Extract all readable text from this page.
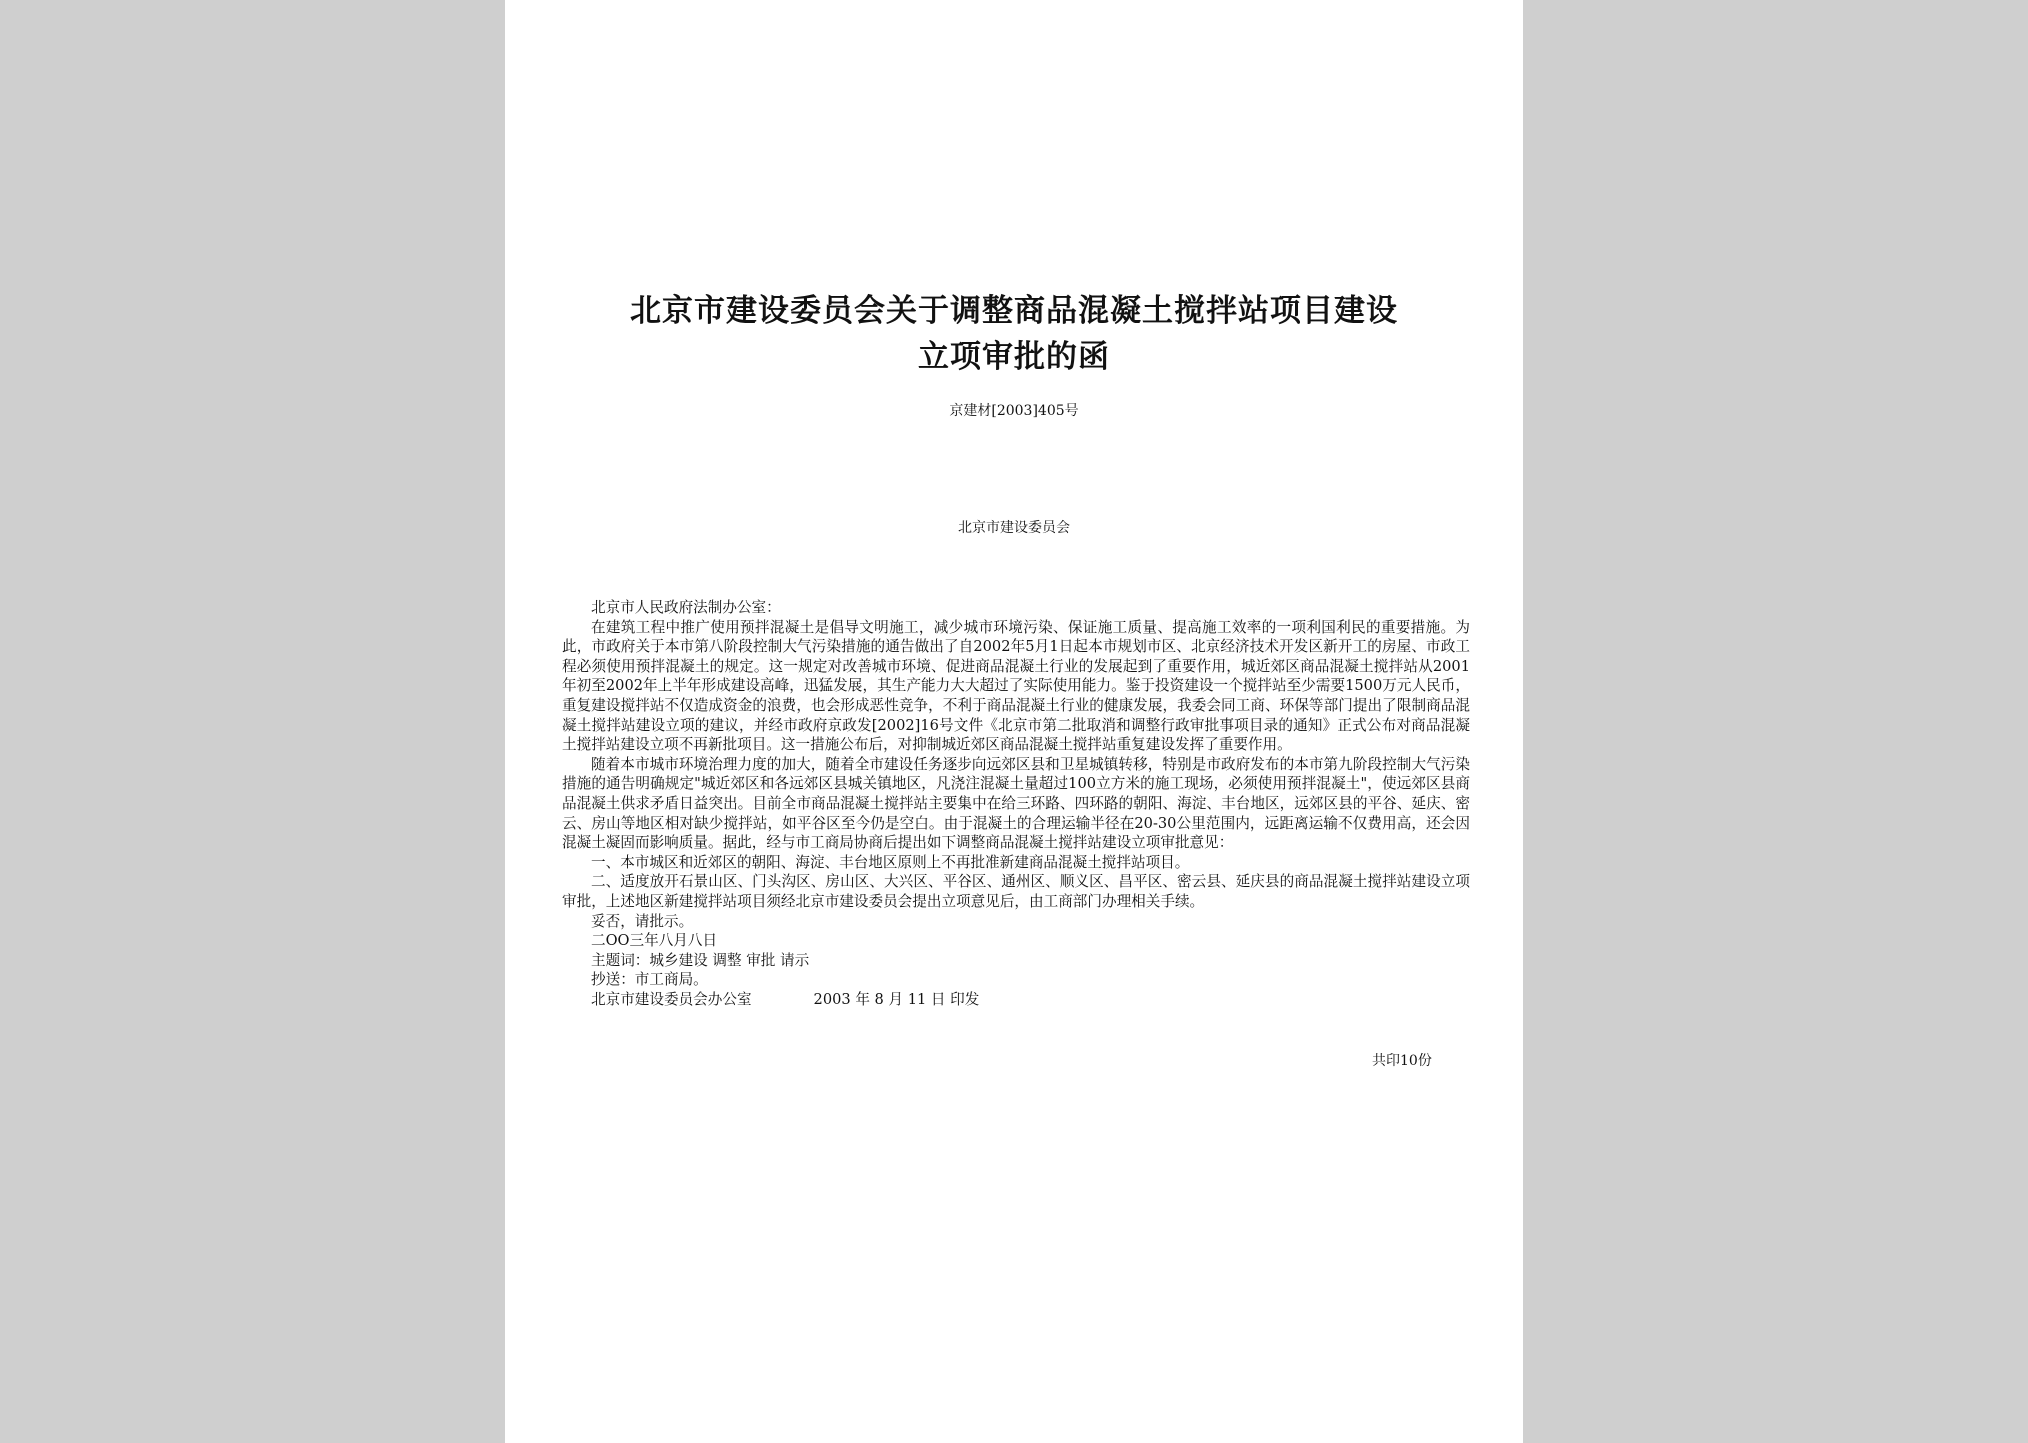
北京市建设委员会关于调整商品混凝土搅拌站项目建设
立项审批的函
京建材[2003]405号
北京市建设委员会

北京市人民政府法制办公室：

在建筑工程中推广使用预拌混凝土是倡导文明施工，减少城市环境污染、保证施工质量、提高施工效率的一项利国利民的重要措施。为此，市政府关于本市第八阶段控制大气污染措施的通告做出了自2002年5月1日起本市规划市区、北京经济技术开发区新开工的房屋、市政工程必须使用预拌混凝土的规定。这一规定对改善城市环境、促进商品混凝土行业的发展起到了重要作用，城近郊区商品混凝土搅拌站从2001年初至2002年上半年形成建设高峰，迅猛发展，其生产能力大大超过了实际使用能力。鉴于投资建设一个搅拌站至少需要1500万元人民币，重复建设搅拌站不仅造成资金的浪费，也会形成恶性竞争，不利于商品混凝土行业的健康发展，我委会同工商、环保等部门提出了限制商品混凝土搅拌站建设立项的建议，并经市政府京政发[2002]16号文件《北京市第二批取消和调整行政审批事项目录的通知》正式公布对商品混凝土搅拌站建设立项不再新批项目。这一措施公布后，对抑制城近郊区商品混凝土搅拌站重复建设发挥了重要作用。

随着本市城市环境治理力度的加大，随着全市建设任务逐步向远郊区县和卫星城镇转移，特别是市政府发布的本市第九阶段控制大气污染措施的通告明确规定"城近郊区和各远郊区县城关镇地区，凡浇注混凝土量超过100立方米的施工现场，必须使用预拌混凝土"，使远郊区县商品混凝土供求矛盾日益突出。目前全市商品混凝土搅拌站主要集中在给三环路、四环路的朝阳、海淀、丰台地区，远郊区县的平谷、延庆、密云、房山等地区相对缺少搅拌站，如平谷区至今仍是空白。由于混凝土的合理运输半径在20-30公里范围内，远距离运输不仅费用高，还会因混凝土凝固而影响质量。据此，经与市工商局协商后提出如下调整商品混凝土搅拌站建设立项审批意见：

一、本市城区和近郊区的朝阳、海淀、丰台地区原则上不再批准新建商品混凝土搅拌站项目。

二、适度放开石景山区、门头沟区、房山区、大兴区、平谷区、通州区、顺义区、昌平区、密云县、延庆县的商品混凝土搅拌站建设立项审批，上述地区新建搅拌站项目须经北京市建设委员会提出立项意见后，由工商部门办理相关手续。

妥否，请批示。

二OO三年八月八日

主题词：城乡建设 调整 审批 请示

抄送：市工商局。

北京市建设委员会办公室	2003 年 8 月 11 日 印发

共印10份
